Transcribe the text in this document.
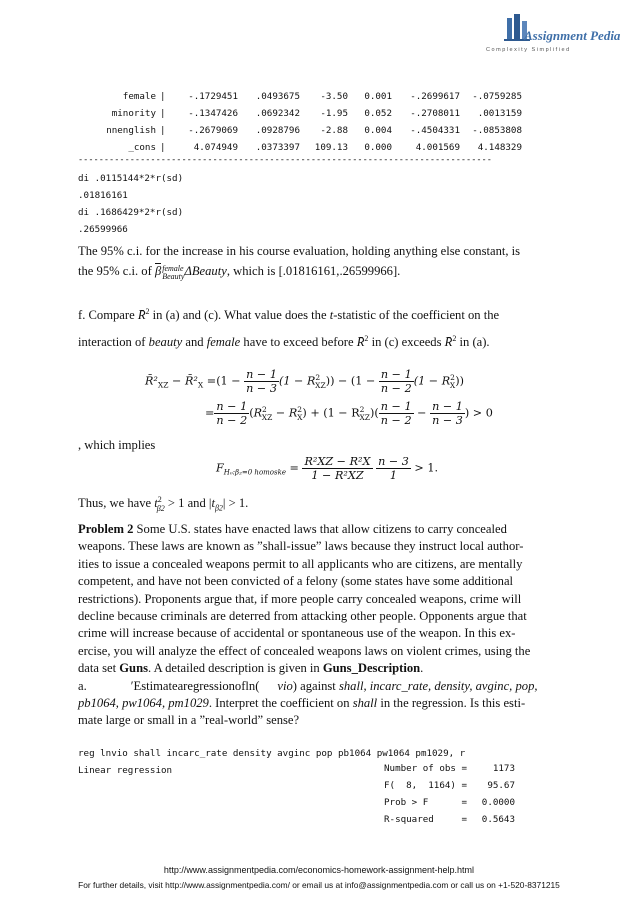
Assignment Pedia
C o m p l e x i t y   S i m p l i f i e d
female	|	-.1729451	.0493675	-3.50	0.001	-.2699617	-.0759285
minority	|	-.1347426	.0692342	-1.95	0.052	-.2708011	.0013159
nnenglish	|	-.2679069	.0928796	-2.88	0.004	-.4504331	-.0853808
_cons	|	4.074949	.0373397	109.13	0.000	4.001569	4.148329
--------------------------------------------------------------------------------
di .0115144*2*r(sd)
.01816161
di .1686429*2*r(sd)
.26599966
The 95% c.i. for the increase in his course evaluation, holding anything else constant, is
the 95% c.i. of β female
Beauty ΔBeauty, which is [.01816161,.26599966].
f. Compare R̄$^2$ in (a) and (c). What value does the t-statistic of the coefficient on the
interaction of beauty and female have to exceed before R̄$^2$ in (c) exceeds R̄$^2$ in (a).
$R̄^2_{XZ}$ − $R̄^2_X =(1 - \frac{n - 1}{n - 3} (1 - R^2_{XZ})) - (1 - \frac{n - 1}{n - 2} (1 - R^2_X))$
= $\frac{n - 1}{n - 2} (R^2_{XZ} - R^2_X) + (1 - R^2_{XZ})( \frac{n - 1}{n - 2} - \frac{n - 1}{n - 3}$ ) > 0
, which implies
$F_{H_0:\beta_2=0 homoske} = \frac{\text{R²XZ − R²X}}{\text{1 − R²XZ}}$
$\frac{n - 3}{1} > 1$.
Thus, we have $t^2_{\beta 2} > 1$ and $|t_{\beta 2}| > 1$.
Problem 2 Some U.S. states have enacted laws that allow citizens to carry concealed
weapons. These laws are known as ”shall-issue” laws because they instruct local author-
ities to issue a concealed weapons permit to all applicants who are citizens, are mentally
competent, and have not been convicted of a felony (some states have some additional
restrictions). Proponents argue that, if more people carry concealed weapons, crime will
decline because criminals are deterred from attacking other people. Opponents argue that
crime will increase because of accidental or spontaneous use of the weapon. In this ex-
ercise, you will analyze the effect of concealed weapons laws on violent crimes, using the
data set Guns. A detailed description is given in Guns_Description.
a.	ʹEstimatearegressionofln( vio) against shall, incarc_rate, density, avginc, pop,
pb1064, pw1064, pm1029. Interpret the coefficient on shall in the regression. Is this esti-
mate large or small in a ”real-world” sense?
reg lnvio shall incarc_rate density avginc pop pb1064 pw1064 pm1029, r
Linear regression	Number of obs =	1173
F(  8,  1164) =	95.67
Prob > F      =	0.0000
R-squared     =	0.5643
http://www.assignmentpedia.com/economics-homework-assignment-help.html
For further details, visit http://www.assignmentpedia.com/ or email us at info@assignmentpedia.com or call us on +1-520-8371215
